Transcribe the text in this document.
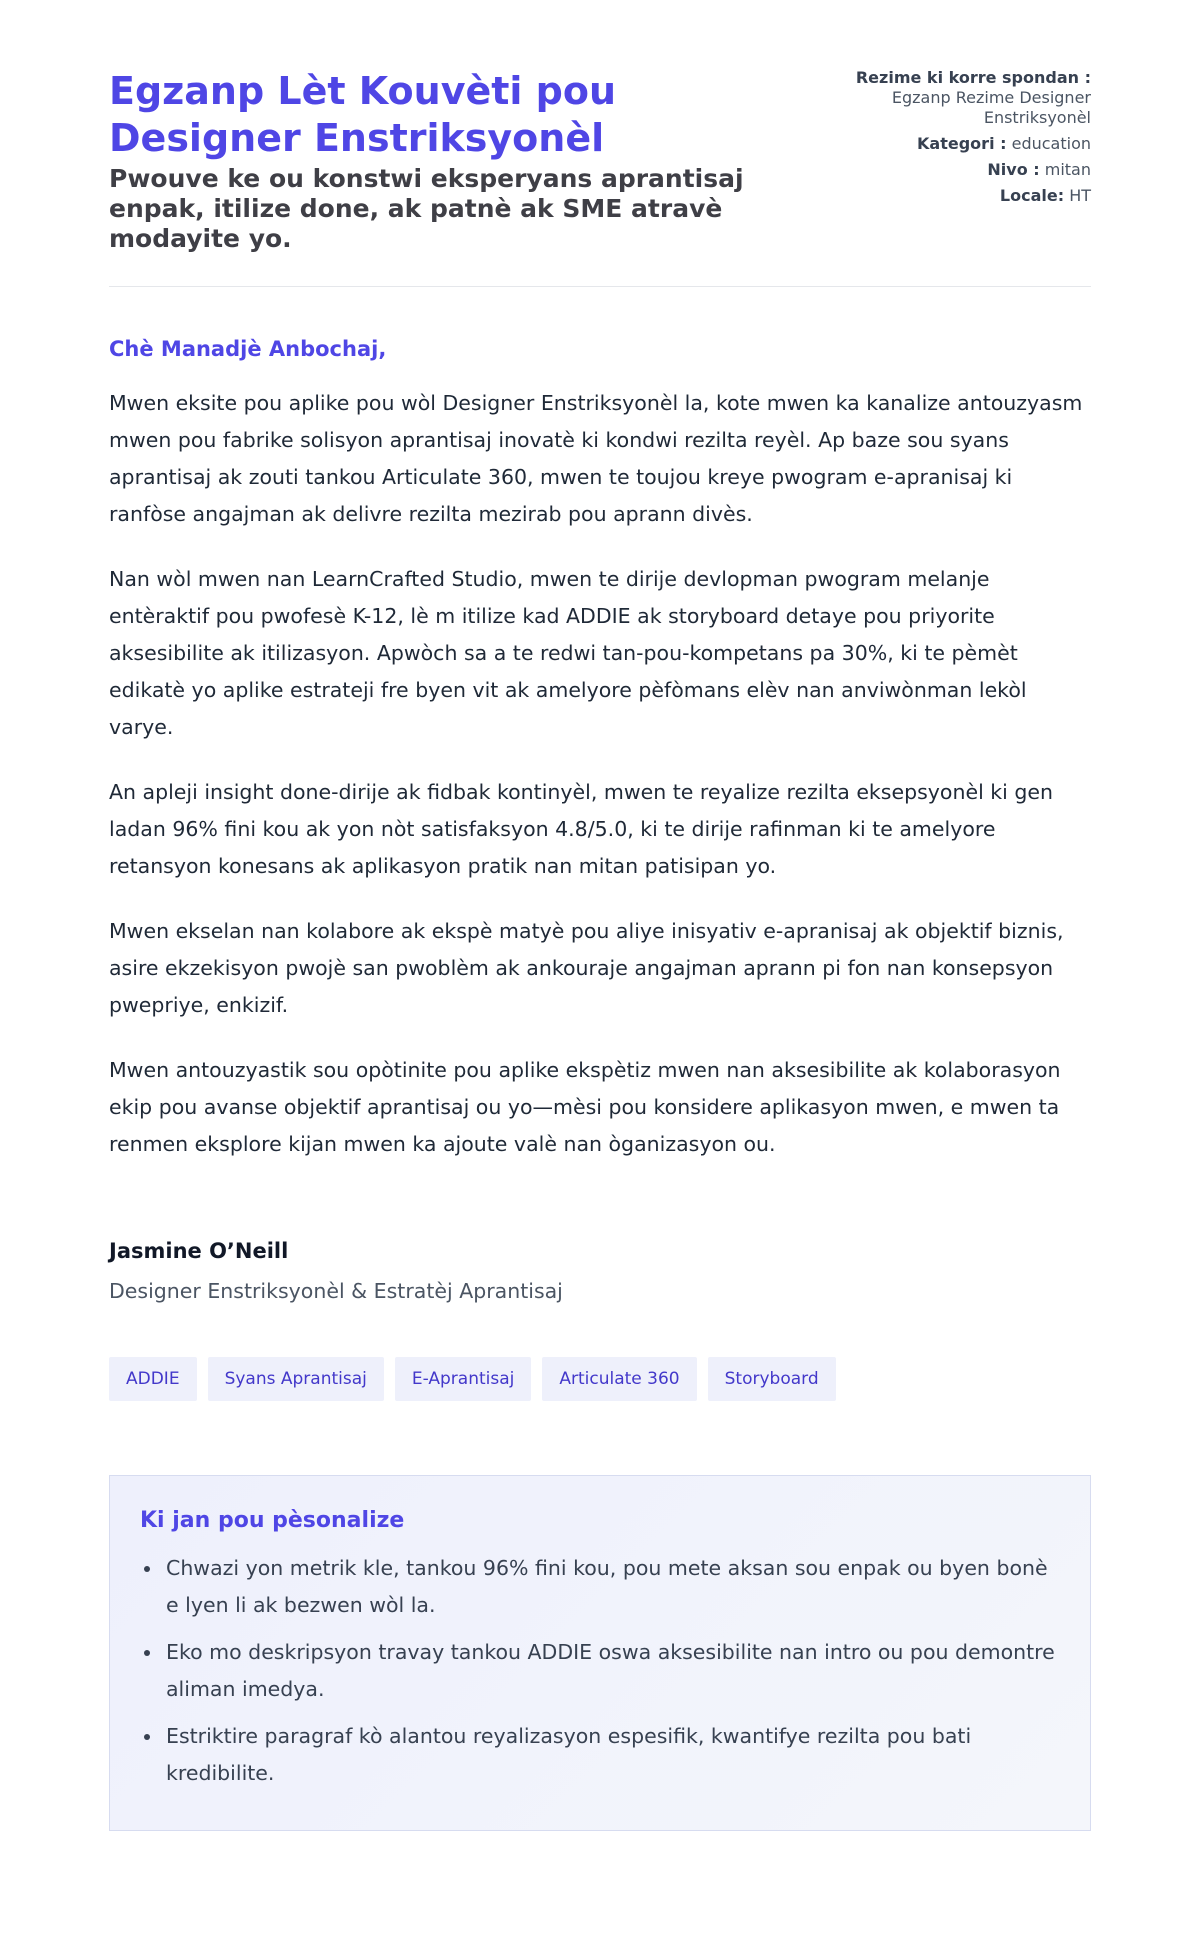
Egzanp Lèt Kouvèti pou Designer Enstriksyonèl
Pwouve ke ou konstwi eksperyans aprantisaj enpak, itilize done, ak patnè ak SME atravè modayite yo.
Rezime ki korre spondan :
Egzanp Rezime Designer Enstriksyonèl
Kategori : education
Nivo : mitan
Locale: HT
Chè Manadjè Anbochaj,

Mwen eksite pou aplike pou wòl Designer Enstriksyonèl la, kote mwen ka kanalize antouzyasm mwen pou fabrike solisyon aprantisaj inovatè ki kondwi rezilta reyèl. Ap baze sou syans aprantisaj ak zouti tankou Articulate 360, mwen te toujou kreye pwogram e-apranisaj ki ranfòse angajman ak delivre rezilta mezirab pou aprann divès.

Nan wòl mwen nan LearnCrafted Studio, mwen te dirije devlopman pwogram melanje entèraktif pou pwofesè K-12, lè m itilize kad ADDIE ak storyboard detaye pou priyorite aksesibilite ak itilizasyon. Apwòch sa a te redwi tan-pou-kompetans pa 30%, ki te pèmèt edikatè yo aplike estrateji fre byen vit ak amelyore pèfòmans elèv nan anviwònman lekòl varye.

An apleji insight done-dirije ak fidbak kontinyèl, mwen te reyalize rezilta eksepsyonèl ki gen ladan 96% fini kou ak yon nòt satisfaksyon 4.8/5.0, ki te dirije rafinman ki te amelyore retansyon konesans ak aplikasyon pratik nan mitan patisipan yo.

Mwen ekselan nan kolabore ak ekspè matyè pou aliye inisyativ e-apranisaj ak objektif biznis, asire ekzekisyon pwojè san pwoblèm ak ankouraje angajman aprann pi fon nan konsepsyon pwepriye, enkizif.

Mwen antouzyastik sou opòtinite pou aplike ekspètiz mwen nan aksesibilite ak kolaborasyon ekip pou avanse objektif aprantisaj ou yo—mèsi pou konsidere aplikasyon mwen, e mwen ta renmen eksplore kijan mwen ka ajoute valè nan òganizasyon ou.

Jasmine O’Neill
Designer Enstriksyonèl & Estratèj Aprantisaj
ADDIE	Syans Aprantisaj	E-Aprantisaj	Articulate 360	Storyboard
Ki jan pou pèsonalize
Chwazi yon metrik kle, tankou 96% fini kou, pou mete aksan sou enpak ou byen bonè e lyen li ak bezwen wòl la.
Eko mo deskripsyon travay tankou ADDIE oswa aksesibilite nan intro ou pou demontre aliman imedya.
Estriktire paragraf kò alantou reyalizasyon espesifik, kwantifye rezilta pou bati kredibilite.
